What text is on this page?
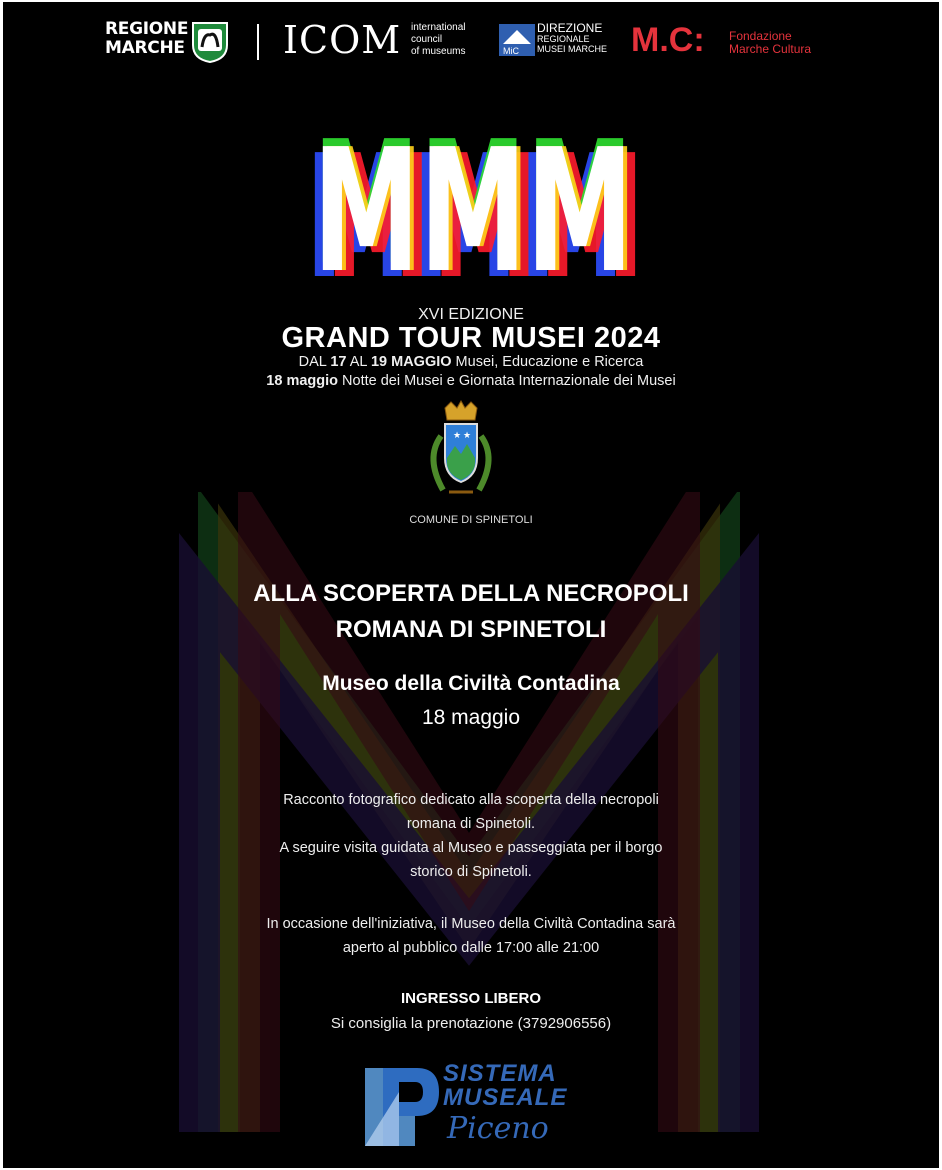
REGIONE
MARCHE	ICOM international
council
of museums	MiC
DIREZIONE
REGIONALE
MUSEI MARCHE M.C: Fondazione
Marche Cultura
MMM
MMM
MMM
MMM
MMM
XVI EDIZIONE
GRAND TOUR MUSEI 2024
DAL 17 AL 19 MAGGIO Musei, Educazione e Ricerca
18 maggio Notte dei Musei e Giornata Internazionale dei Musei
★ ★
COMUNE DI SPINETOLI
ALLA SCOPERTA DELLA NECROPOLI
ROMANA DI SPINETOLI
Museo della Civiltà Contadina
18 maggio
Racconto fotografico dedicato alla scoperta della necropoli
romana di Spinetoli.
A seguire visita guidata al Museo e passeggiata per il borgo
storico di Spinetoli.
In occasione dell'iniziativa, il Museo della Civiltà Contadina sarà
aperto al pubblico dalle 17:00 alle 21:00
INGRESSO LIBERO
Si consiglia la prenotazione (3792906556)
SISTEMA
MUSEALE
Piceno
